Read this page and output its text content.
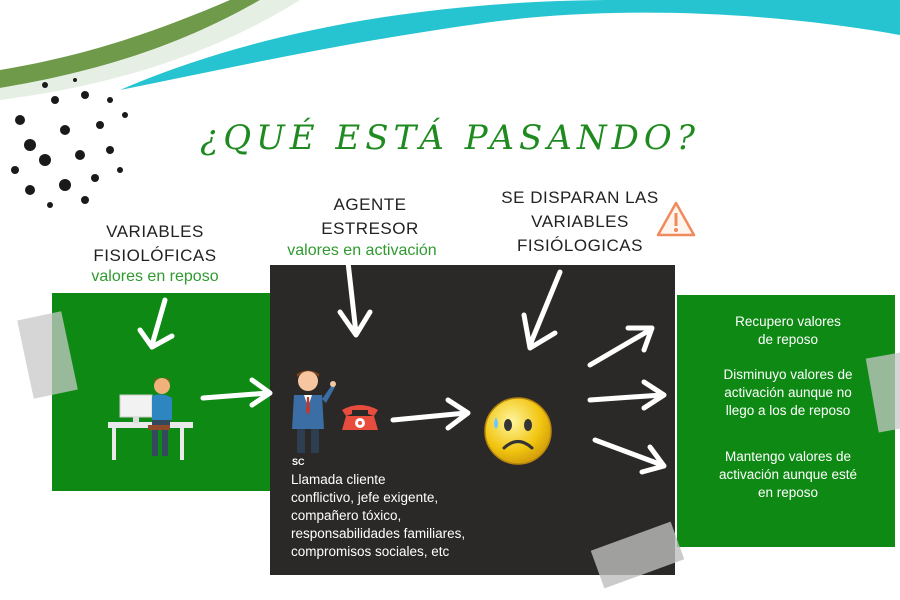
¿QUÉ ESTÁ PASANDO?
VARIABLES
FISIOLÓFICAS
valores en reposo
AGENTE
ESTRESOR
valores en activación
SE DISPARAN LAS
VARIABLES
FISIÓLOGICAS
SC
Llamada cliente
conflictivo, jefe exigente,
compañero tóxico,
responsabilidades familiares,
compromisos sociales, etc
Recupero valores
de reposo
Disminuyo valores de
activación aunque no
llego a los de reposo
Mantengo valores de
activación aunque esté
en reposo
